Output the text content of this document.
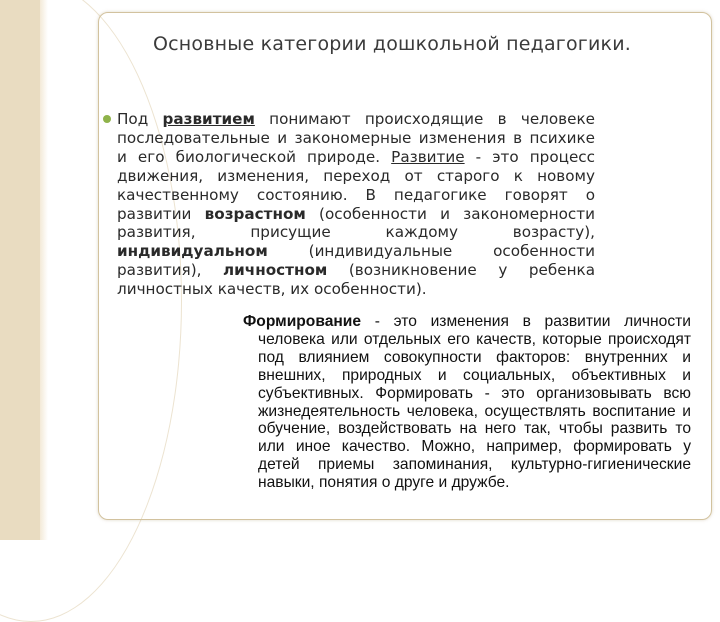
Основные категории дошкольной педагогики.
Под развитием понимают происходящие в человеке последовательные и закономерные изменения в психике и его биологической природе. Развитие - это процесс движения, изменения, переход от старого к новому качественному состоянию. В педагогике говорят о развитии возрастном (особенности и закономерности развития, присущие каждому возрасту), индивидуальном (индивидуальные особенности развития), личностном (возникновение у ребенка личностных качеств, их особенности).
Формирование - это изменения в развитии личности человека или отдельных его качеств, которые происходят под влиянием совокупности факторов: внутренних и внешних, природных и социальных, объективных и субъективных. Формировать - это организовывать всю жизнедеятельность человека, осуществлять воспитание и обучение, воздействовать на него так, чтобы развить то или иное качество. Можно, например, формировать у детей приемы запоминания, культурно-гигиенические навыки, понятия о друге и дружбе.
